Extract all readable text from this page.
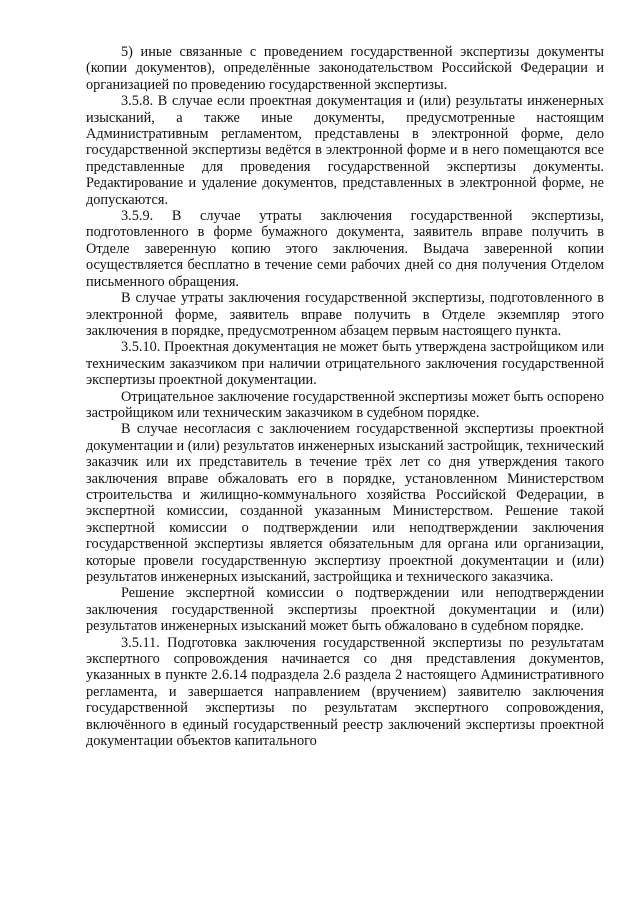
5) иные связанные с проведением государственной экспертизы документы (копии документов), определённые законодательством Российской Федерации и организацией по проведению государственной экспертизы.

3.5.8. В случае если проектная документация и (или) результаты инженерных изысканий, а также иные документы, предусмотренные настоящим Административным регламентом, представлены в электронной форме, дело государственной экспертизы ведётся в электронной форме и в него помещаются все представленные для проведения государственной экспертизы документы. Редактирование и удаление документов, представленных в электронной форме, не допускаются.

3.5.9. В случае утраты заключения государственной экспертизы, подготовленного в форме бумажного документа, заявитель вправе получить в Отделе заверенную копию этого заключения. Выдача заверенной копии осуществляется бесплатно в течение семи рабочих дней со дня получения Отделом письменного обращения.

В случае утраты заключения государственной экспертизы, подготовленного в электронной форме, заявитель вправе получить в Отделе экземпляр этого заключения в порядке, предусмотренном абзацем первым настоящего пункта.

3.5.10. Проектная документация не может быть утверждена застройщиком или техническим заказчиком при наличии отрицательного заключения государственной экспертизы проектной документации.

Отрицательное заключение государственной экспертизы может быть оспорено застройщиком или техническим заказчиком в судебном порядке.

В случае несогласия с заключением государственной экспертизы проектной документации и (или) результатов инженерных изысканий застройщик, технический заказчик или их представитель в течение трёх лет со дня утверждения такого заключения вправе обжаловать его в порядке, установленном Министерством строительства и жилищно-коммунального хозяйства Российской Федерации, в экспертной комиссии, созданной указанным Министерством. Решение такой экспертной комиссии о подтверждении или неподтверждении заключения государственной экспертизы является обязательным для органа или организации, которые провели государственную экспертизу проектной документации и (или) результатов инженерных изысканий, застройщика и технического заказчика.

Решение экспертной комиссии о подтверждении или неподтверждении заключения государственной экспертизы проектной документации и (или) результатов инженерных изысканий может быть обжаловано в судебном порядке.

3.5.11. Подготовка заключения государственной экспертизы по результатам экспертного сопровождения начинается со дня представления документов, указанных в пункте 2.6.14 подраздела 2.6 раздела 2 настоящего Административного регламента, и завершается направлением (вручением) заявителю заключения государственной экспертизы по результатам экспертного сопровождения, включённого в единый государственный реестр заключений экспертизы проектной документации объектов капитального
